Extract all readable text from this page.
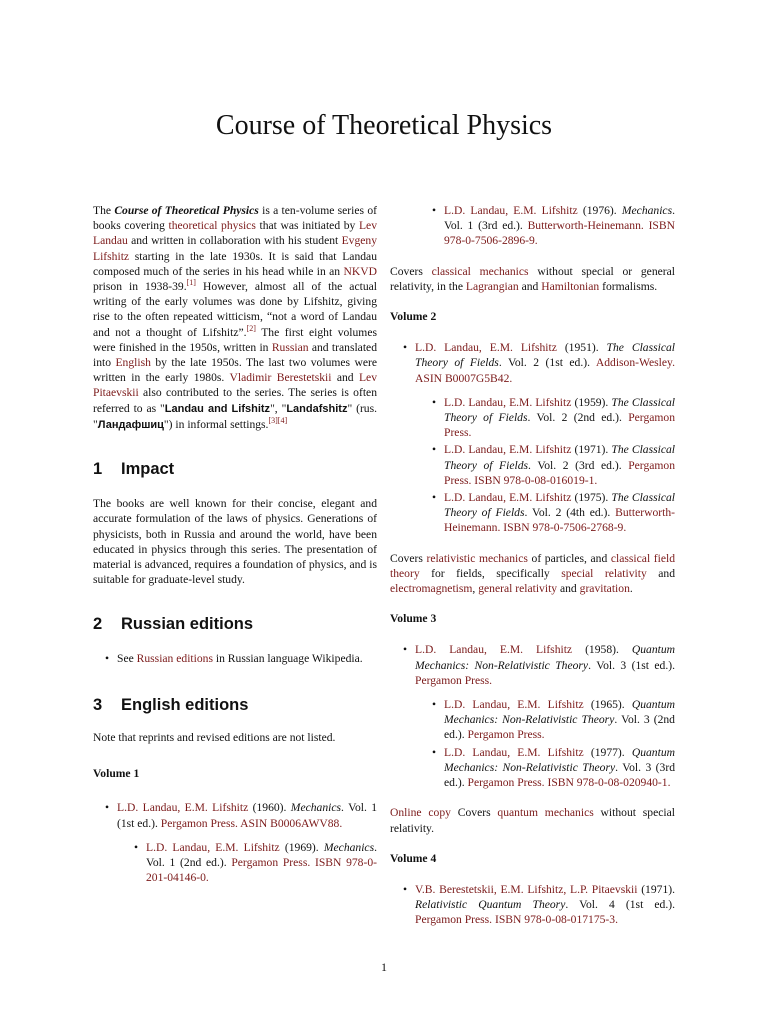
Course of Theoretical Physics

The Course of Theoretical Physics is a ten-volume series of books covering theoretical physics that was initiated by Lev Landau and written in collaboration with his student Evgeny Lifshitz starting in the late 1930s. It is said that Landau composed much of the series in his head while in an NKVD prison in 1938-39.[1] However, almost all of the actual writing of the early volumes was done by Lifshitz, giving rise to the often repeated witticism, “not a word of Landau and not a thought of Lifshitz”.[2] The first eight volumes were finished in the 1950s, written in Russian and translated into English by the late 1950s. The last two volumes were written in the early 1980s. Vladimir Berestetskii and Lev Pitaevskii also contributed to the series. The series is often referred to as "Landau and Lifshitz", "Landafshitz" (rus. "Ландафшиц") in informal settings.[3][4]

1 Impact

The books are well known for their concise, elegant and accurate formulation of the laws of physics. Generations of physicists, both in Russia and around the world, have been educated in physics through this series. The presentation of material is advanced, requires a foundation of physics, and is suitable for graduate-level study.

2 Russian editions
• See Russian editions in Russian language Wikipedia.
3 English editions

Note that reprints and revised editions are not listed.

Volume 1
• L.D. Landau, E.M. Lifshitz (1960). Mechanics. Vol. 1 (1st ed.). Pergamon Press. ASIN B0006AWV88.
• L.D. Landau, E.M. Lifshitz (1969). Mechanics. Vol. 1 (2nd ed.). Pergamon Press. ISBN 978-0-201-04146-0.
• L.D. Landau, E.M. Lifshitz (1976). Mechanics. Vol. 1 (3rd ed.). Butterworth-Heinemann. ISBN 978-0-7506-2896-9.

Covers classical mechanics without special or general relativity, in the Lagrangian and Hamiltonian formalisms.

Volume 2
• L.D. Landau, E.M. Lifshitz (1951). The Classical Theory of Fields. Vol. 2 (1st ed.). Addison-Wesley. ASIN B0007G5B42.
• L.D. Landau, E.M. Lifshitz (1959). The Classical Theory of Fields. Vol. 2 (2nd ed.). Pergamon Press.
• L.D. Landau, E.M. Lifshitz (1971). The Classical Theory of Fields. Vol. 2 (3rd ed.). Pergamon Press. ISBN 978-0-08-016019-1.
• L.D. Landau, E.M. Lifshitz (1975). The Classical Theory of Fields. Vol. 2 (4th ed.). Butterworth-Heinemann. ISBN 978-0-7506-2768-9.

Covers relativistic mechanics of particles, and classical field theory for fields, specifically special relativity and electromagnetism, general relativity and gravitation.

Volume 3
• L.D. Landau, E.M. Lifshitz (1958). Quantum Mechanics: Non-Relativistic Theory. Vol. 3 (1st ed.). Pergamon Press.
• L.D. Landau, E.M. Lifshitz (1965). Quantum Mechanics: Non-Relativistic Theory. Vol. 3 (2nd ed.). Pergamon Press.
• L.D. Landau, E.M. Lifshitz (1977). Quantum Mechanics: Non-Relativistic Theory. Vol. 3 (3rd ed.). Pergamon Press. ISBN 978-0-08-020940-1.

Online copy Covers quantum mechanics without special relativity.

Volume 4
• V.B. Berestetskii, E.M. Lifshitz, L.P. Pitaevskii (1971). Relativistic Quantum Theory. Vol. 4 (1st ed.). Pergamon Press. ISBN 978-0-08-017175-3.
1
